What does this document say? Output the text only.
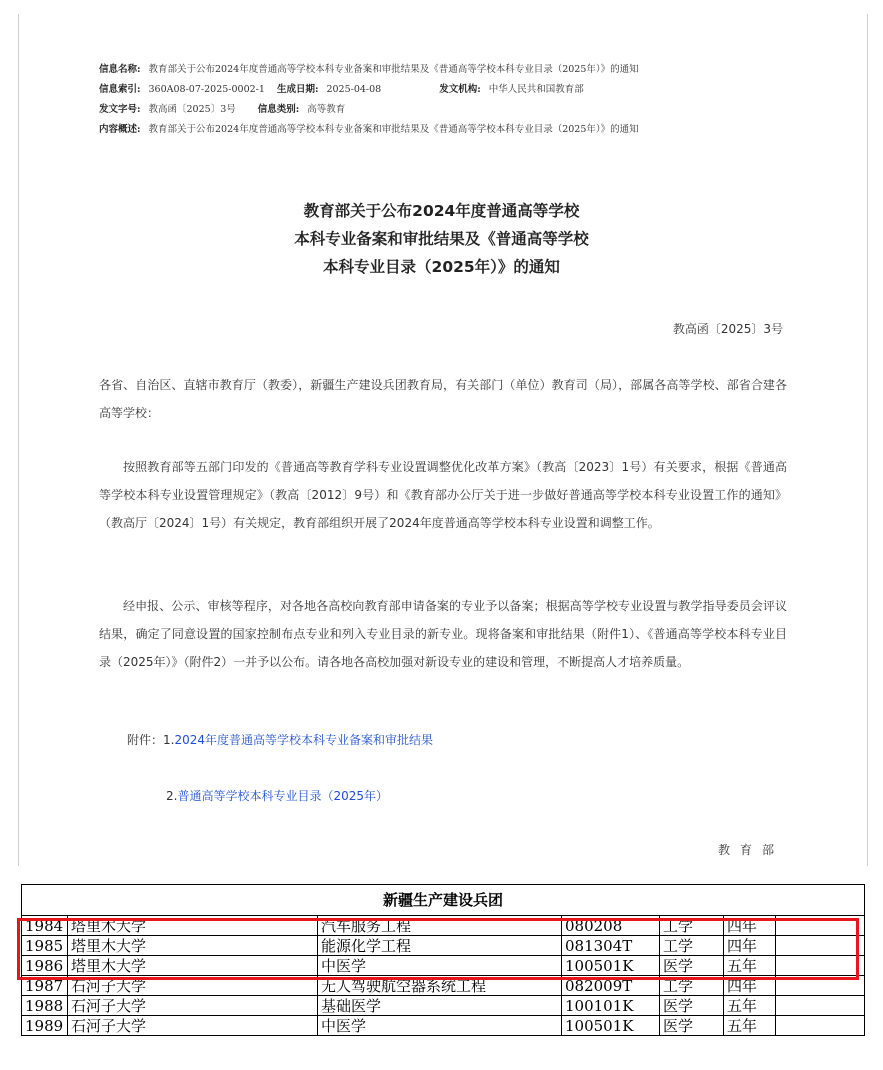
信息名称: 教育部关于公布2024年度普通高等学校本科专业备案和审批结果及《普通高等学校本科专业目录（2025年）》的通知
信息索引: 360A08-07-2025-0002-1 生成日期: 2025-04-08	发文机构: 中华人民共和国教育部
发文字号: 教高函〔2025〕3号 信息类别: 高等教育
内容概述: 教育部关于公布2024年度普通高等学校本科专业备案和审批结果及《普通高等学校本科专业目录（2025年）》的通知
教育部关于公布2024年度普通高等学校
本科专业备案和审批结果及《普通高等学校
本科专业目录（2025年）》的通知
教高函〔2025〕3号

各省、自治区、直辖市教育厅（教委），新疆生产建设兵团教育局，有关部门（单位）教育司（局），部属各高等学校、部省合建各高等学校：

按照教育部等五部门印发的《普通高等教育学科专业设置调整优化改革方案》（教高〔2023〕1号）有关要求，根据《普通高等学校本科专业设置管理规定》（教高〔2012〕9号）和《教育部办公厅关于进一步做好普通高等学校本科专业设置工作的通知》（教高厅〔2024〕1号）有关规定，教育部组织开展了2024年度普通高等学校本科专业设置和调整工作。

经申报、公示、审核等程序，对各地各高校向教育部申请备案的专业予以备案；根据高等学校专业设置与教学指导委员会评议结果，确定了同意设置的国家控制布点专业和列入专业目录的新专业。现将备案和审批结果（附件1）、《普通高等学校本科专业目录（2025年）》（附件2）一并予以公布。请各地各高校加强对新设专业的建设和管理，不断提高人才培养质量。

附件：1.2024年度普通高等学校本科专业备案和审批结果
2.普通高等学校本科专业目录（2025年）
教育部
新疆生产建设兵团						
1984	塔里木大学	汽车服务工程	080208	工学	四年	
1985	塔里木大学	能源化学工程	081304T	工学	四年	
1986	塔里木大学	中医学	100501K	医学	五年	
1987	石河子大学	无人驾驶航空器系统工程	082009T	工学	四年	
1988	石河子大学	基础医学	100101K	医学	五年	
1989	石河子大学	中医学	100501K	医学	五年	
